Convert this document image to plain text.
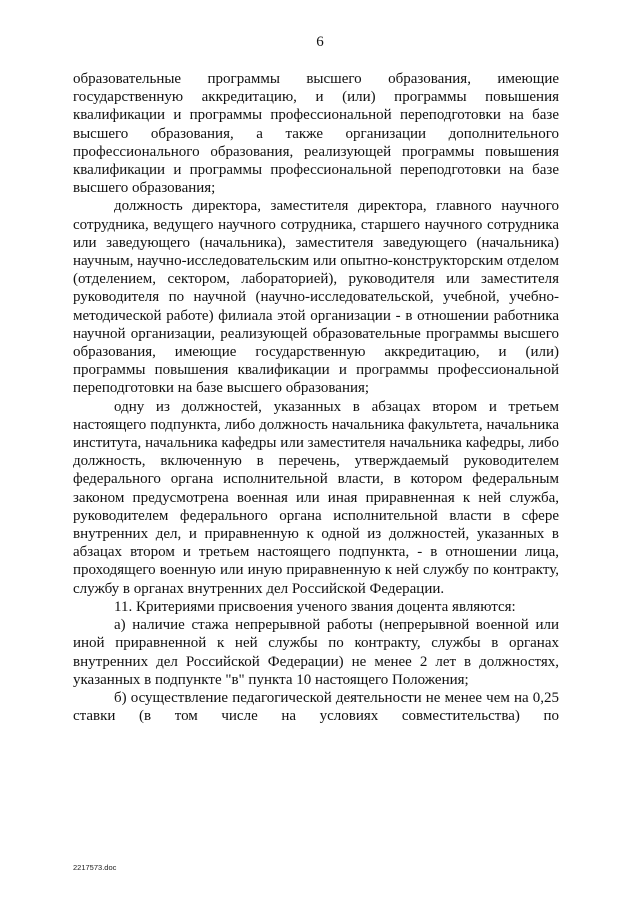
6

образовательные программы высшего образования, имеющие государственную аккредитацию, и (или) программы повышения квалификации и программы профессиональной переподготовки на базе высшего образования, а также организации дополнительного профессионального образования, реализующей программы повышения квалификации и программы профессиональной переподготовки на базе высшего образования;

должность директора, заместителя директора, главного научного сотрудника, ведущего научного сотрудника, старшего научного сотрудника или заведующего (начальника), заместителя заведующего (начальника) научным, научно-исследовательским или опытно-конструкторским отделом (отделением, сектором, лабораторией), руководителя или заместителя руководителя по научной (научно-исследовательской, учебной, учебно-методической работе) филиала этой организации - в отношении работника научной организации, реализующей образовательные программы высшего образования, имеющие государственную аккредитацию, и (или) программы повышения квалификации и программы профессиональной переподготовки на базе высшего образования;

одну из должностей, указанных в абзацах втором и третьем настоящего подпункта, либо должность начальника факультета, начальника института, начальника кафедры или заместителя начальника кафедры, либо должность, включенную в перечень, утверждаемый руководителем федерального органа исполнительной власти, в котором федеральным законом предусмотрена военная или иная приравненная к ней служба, руководителем федерального органа исполнительной власти в сфере внутренних дел, и приравненную к одной из должностей, указанных в абзацах втором и третьем настоящего подпункта, - в отношении лица, проходящего военную или иную приравненную к ней службу по контракту, службу в органах внутренних дел Российской Федерации.

11. Критериями присвоения ученого звания доцента являются:

а) наличие стажа непрерывной работы (непрерывной военной или иной приравненной к ней службы по контракту, службы в органах внутренних дел Российской Федерации) не менее 2 лет в должностях, указанных в подпункте "в" пункта 10 настоящего Положения;

б) осуществление педагогической деятельности не менее чем на 0,25 ставки (в том числе на условиях совместительства) по

2217573.doc
